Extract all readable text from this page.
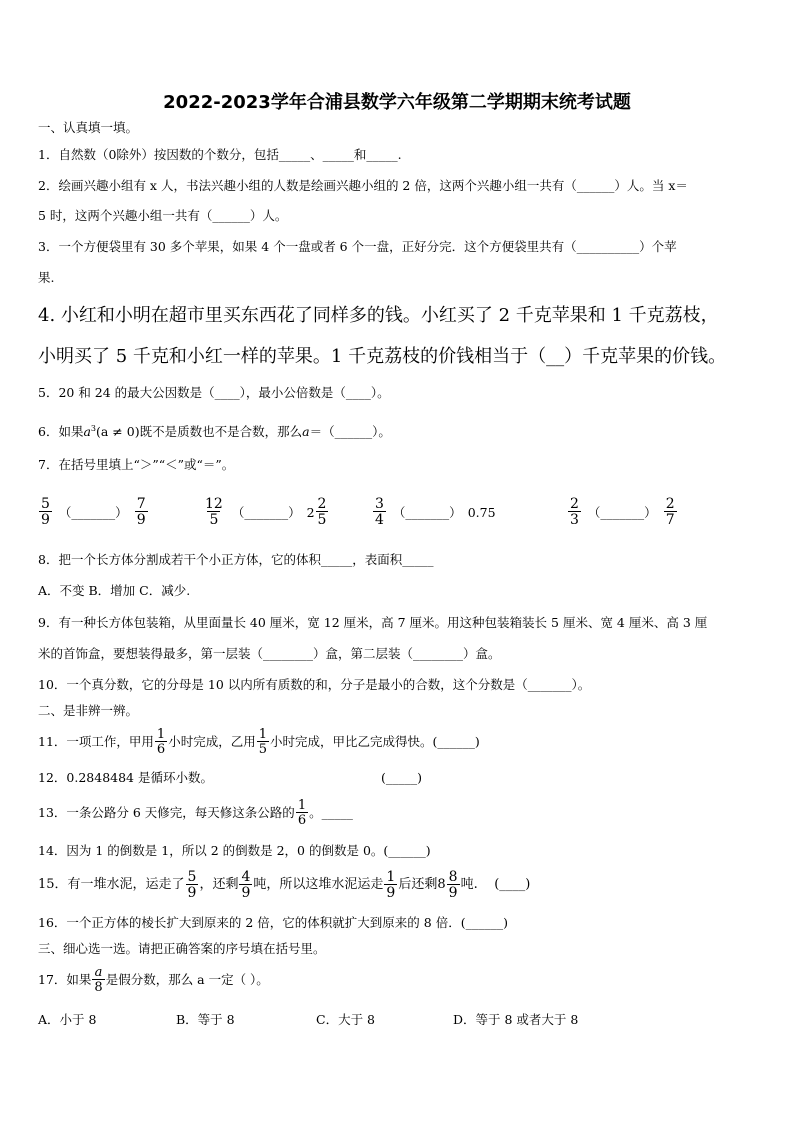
2022-2023学年合浦县数学六年级第二学期期末统考试题
一、认真填一填。
1．自然数（0除外）按因数的个数分，包括_____、_____和_____.
2．绘画兴趣小组有 x 人，书法兴趣小组的人数是绘画兴趣小组的 2 倍，这两个兴趣小组一共有（______）人。当 x＝
5 时，这两个兴趣小组一共有（______）人。
3．一个方便袋里有 30 多个苹果，如果 4 个一盘或者 6 个一盘，正好分完．这个方便袋里共有（__________）个苹
果.
4. 小红和小明在超市里买东西花了同样多的钱。小红买了 2 千克苹果和 1 千克荔枝，
小明买了 5 千克和小红一样的苹果。1 千克荔枝的价钱相当于（__）千克苹果的价钱。
5．20 和 24 的最大公因数是（____），最小公倍数是（____）。
6．如果$a^3(a \ne 0)$既不是质数也不是合数，那么a＝（______）。
7．在括号里填上“＞”“＜”或“＝”。
$\frac{5}{9}$ （_______） $\frac{7}{9}$	$\frac{12}{5}$ （_______） $2 \frac{2}{5}$	$\frac{3}{4}$ （_______） 0.75	$\frac{2}{3}$ （_______） $\frac{2}{7}$
8．把一个长方体分割成若干个小正方体，它的体积_____，表面积_____
A．不变 B．增加 C．减少.
9．有一种长方体包装箱，从里面量长 40 厘米，宽 12 厘米，高 7 厘米。用这种包装箱装长 5 厘米、宽 4 厘米、高 3 厘
米的首饰盒，要想装得最多，第一层装（________）盒，第二层装（________）盒。
10．一个真分数，它的分母是 10 以内所有质数的和，分子是最小的合数，这个分数是（_______）。
二、是非辨一辨。
11．一项工作，甲用 $\frac{1}{6}$ 小时完成，乙用 $\frac{1}{5}$ 小时完成，甲比乙完成得快。(______)
12．0.2848484 是循环小数。	(_____)
13．一条公路分 6 天修完，每天修这条公路的 $\frac{1}{6}$ 。_____
14．因为 1 的倒数是 1，所以 2 的倒数是 2，0 的倒数是 0。(______)
15．有一堆水泥，运走了 $\frac{5}{9}$ ，还剩 $\frac{4}{9}$ 吨，所以这堆水泥运走 $\frac{1}{9}$ 后还剩 $8 \frac{8}{9}$ 吨.    (____)
16．一个正方体的棱长扩大到原来的 2 倍，它的体积就扩大到原来的 8 倍．(______)
三、细心选一选。请把正确答案的序号填在括号里。
17．如果 $\frac{a}{8}$ 是假分数，那么 a 一定（ ）。
A．小于 8	B．等于 8	C．大于 8	D．等于 8 或者大于 8
